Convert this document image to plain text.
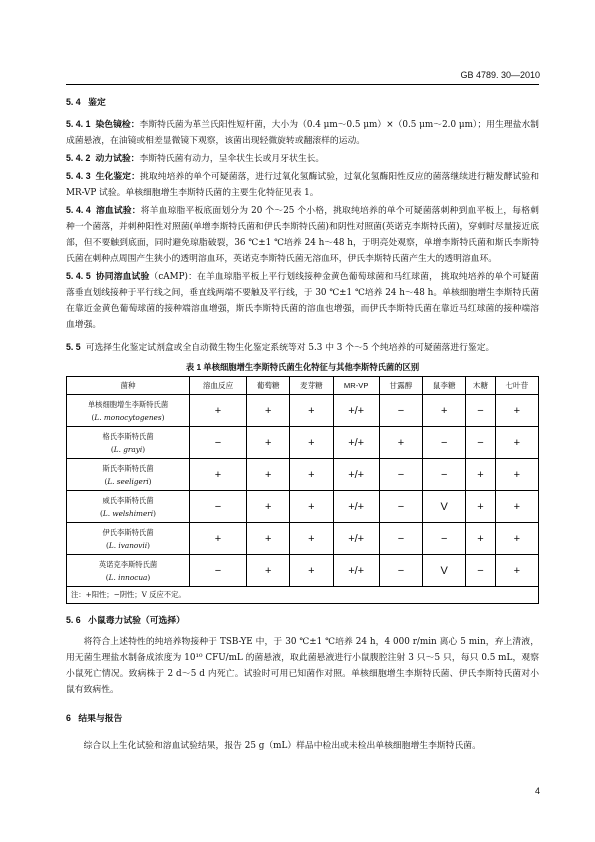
GB 4789. 30—2010
5. 4 鉴定
5. 4. 1 染色镜检：李斯特氏菌为革兰氏阳性短杆菌，大小为（0.4 μm～0.5 μm）×（0.5 μm～2.0 μm）；用生理盐水制成菌悬液，在油镜或相差显微镜下观察，该菌出现轻微旋转或翻滚样的运动。
5. 4. 2 动力试验：李斯特氏菌有动力，呈伞状生长或月牙状生长。
5. 4. 3 生化鉴定：挑取纯培养的单个可疑菌落，进行过氧化氢酶试验，过氧化氢酶阳性反应的菌落继续进行糖发酵试验和 MR-VP 试验。单核细胞增生李斯特氏菌的主要生化特征见表 1。
5. 4. 4 溶血试验：将羊血琼脂平板底面划分为 20 个～25 个小格，挑取纯培养的单个可疑菌落刺种到血平板上，每格刺种一个菌落，并刺种阳性对照菌(单增李斯特氏菌和伊氏李斯特氏菌)和阴性对照菌(英诺克李斯特氏菌)，穿刺时尽量接近底部，但不要触到底面，同时避免琼脂破裂，36 ℃±1 ℃培养 24 h～48 h，于明亮处观察，单增李斯特氏菌和斯氏李斯特氏菌在刺种点周围产生狭小的透明溶血环，英诺克李斯特氏菌无溶血环，伊氏李斯特氏菌产生大的透明溶血环。
5. 4. 5 协同溶血试验（cAMP)：在羊血琼脂平板上平行划线接种金黄色葡萄球菌和马红球菌， 挑取纯培养的单个可疑菌落垂直划线接种于平行线之间，垂直线两端不要触及平行线，于 30 ℃±1 ℃培养 24 h～48 h。单核细胞增生李斯特氏菌在靠近金黄色葡萄球菌的接种端溶血增强，斯氏李斯特氏菌的溶血也增强，而伊氏李斯特氏菌在靠近马红球菌的接种端溶血增强。
5. 5 可选择生化鉴定试剂盒或全自动微生物生化鉴定系统等对 5.3 中 3 个～5 个纯培养的可疑菌落进行鉴定。
表 1 单核细胞增生李斯特氏菌生化特征与其他李斯特氏菌的区别
菌种	溶血反应	葡萄糖	麦芽糖	MR-VP	甘露醇	鼠李糖	木糖	七叶苷
单核细胞增生李斯特氏菌
(L. monocytogenes)	+	+	+	+/+	−	+	−	+
格氏李斯特氏菌
(L. grayi)	−	+	+	+/+	+	−	−	+
斯氏李斯特氏菌
(L. seeligeri)	+	+	+	+/+	−	−	+	+
威氏李斯特氏菌
(L. welshimeri)	−	+	+	+/+	−	V	+	+
伊氏李斯特氏菌
(L. ivanovii)	+	+	+	+/+	−	−	+	+
英诺克李斯特氏菌
(L. innocua)	−	+	+	+/+	−	V	−	+
注：+阳性；−阴性；V 反应不定。								
5. 6 小鼠毒力试验（可选择）
将符合上述特性的纯培养物接种于 TSB-YE 中，于 30 ℃±1 ℃培养 24 h，4 000 r/min 离心 5 min，弃上清液，用无菌生理盐水制备成浓度为 10¹⁰ CFU/mL 的菌悬液，取此菌悬液进行小鼠腹腔注射 3 只～5 只，每只 0.5 mL，观察小鼠死亡情况。致病株于 2 d～5 d 内死亡。试验时可用已知菌作对照。单核细胞增生李斯特氏菌、伊氏李斯特氏菌对小鼠有致病性。
6 结果与报告
综合以上生化试验和溶血试验结果，报告 25 g（mL）样品中检出或未检出单核细胞增生李斯特氏菌。
4
